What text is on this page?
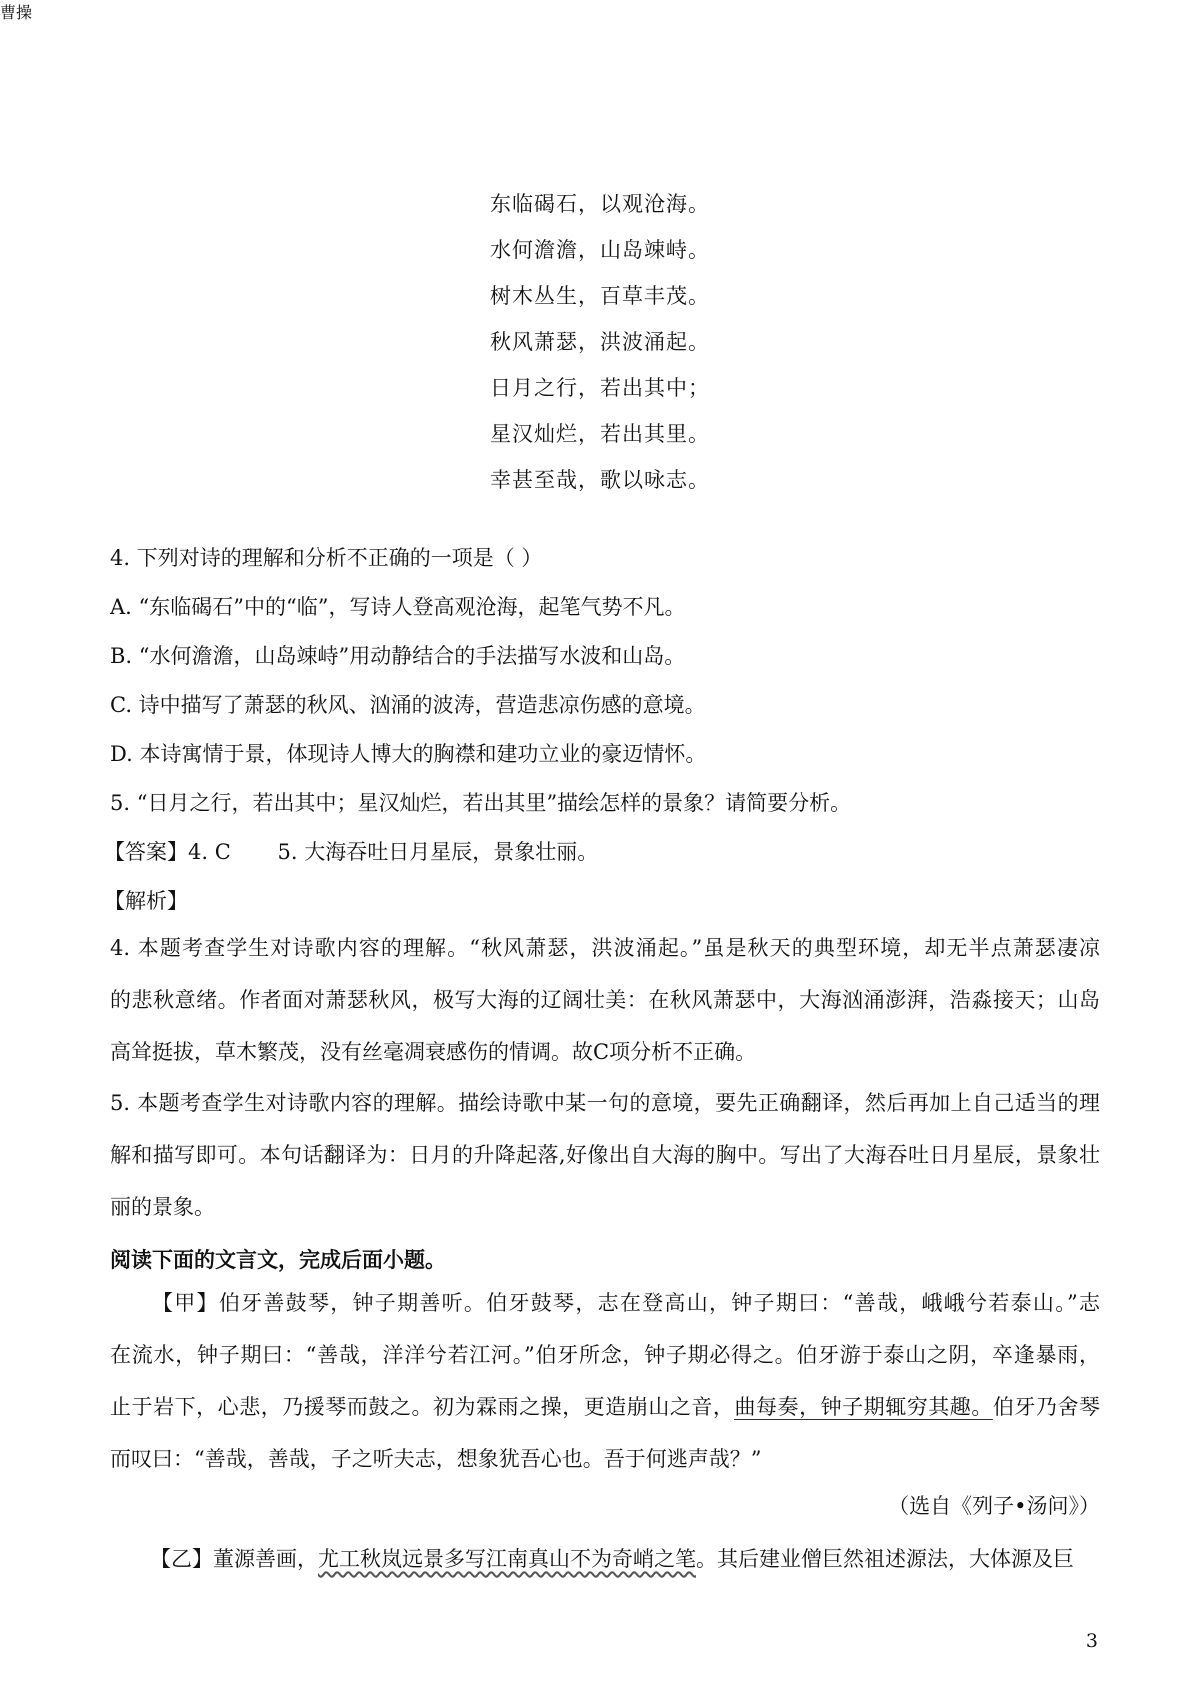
曹操
东临碣石，以观沧海。
水何澹澹，山岛竦峙。
树木丛生，百草丰茂。
秋风萧瑟，洪波涌起。
日月之行，若出其中；
星汉灿烂，若出其里。
幸甚至哉，歌以咏志。
4. 下列对诗的理解和分析不正确的一项是（ ）
A. “东临碣石”中的“临”，写诗人登高观沧海，起笔气势不凡。
B. “水何澹澹，山岛竦峙”用动静结合的手法描写水波和山岛。
C. 诗中描写了萧瑟的秋风、汹涌的波涛，营造悲凉伤感的意境。
D. 本诗寓情于景，体现诗人博大的胸襟和建功立业的豪迈情怀。
5. “日月之行，若出其中；星汉灿烂，若出其里”描绘怎样的景象？请简要分析。
【答案】4. C       5. 大海吞吐日月星辰，景象壮丽。
【解析】
4. 本题考查学生对诗歌内容的理解。“秋风萧瑟，洪波涌起。”虽是秋天的典型环境，却无半点萧瑟凄凉
的悲秋意绪。作者面对萧瑟秋风，极写大海的辽阔壮美：在秋风萧瑟中，大海汹涌澎湃，浩淼接天；山岛
高耸挺拔，草木繁茂，没有丝毫凋衰感伤的情调。故C项分析不正确。
5. 本题考查学生对诗歌内容的理解。描绘诗歌中某一句的意境，要先正确翻译，然后再加上自己适当的理
解和描写即可。本句话翻译为：日月的升降起落,好像出自大海的胸中。写出了大海吞吐日月星辰，景象壮
丽的景象。
阅读下面的文言文，完成后面小题。
【甲】伯牙善鼓琴，钟子期善听。伯牙鼓琴，志在登高山，钟子期曰：“善哉，峨峨兮若泰山。”志
在流水，钟子期曰：“善哉，洋洋兮若江河。”伯牙所念，钟子期必得之。伯牙游于泰山之阴，卒 •逢暴雨，
止于岩下，心悲，乃援琴而鼓之。初为霖雨之操，更造崩山之音，曲每奏，钟子期辄穷其趣。伯牙乃舍 •琴
而叹曰：“善哉，善哉，子之听夫志，想象犹吾心也。吾于何逃声哉？”
（选自《列子•汤问》）
【乙】董源善画，尤工秋岚远景多写江南真山不为奇峭之笔。其后建业僧巨然祖述源法，大体源及巨
3
